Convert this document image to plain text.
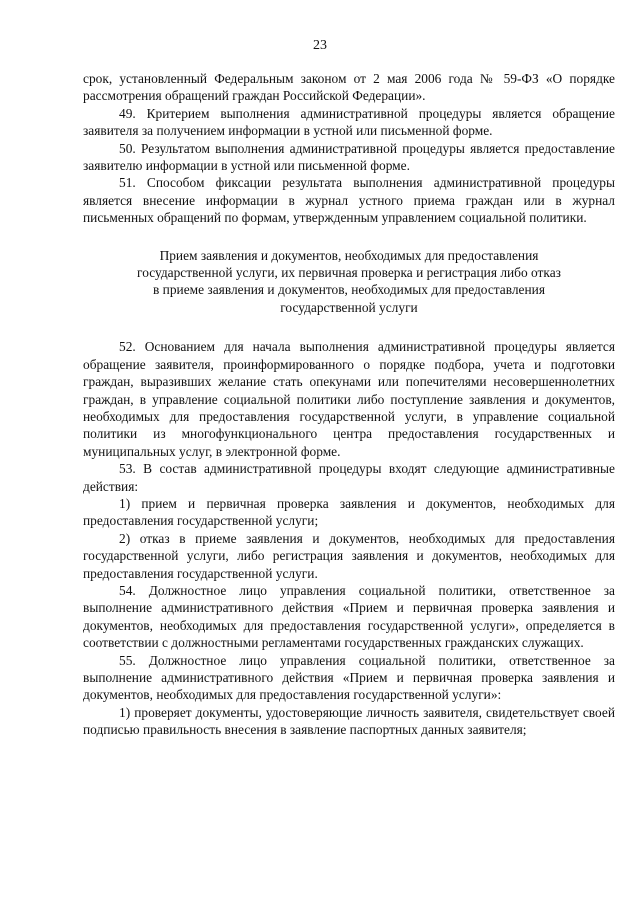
23

срок, установленный Федеральным законом от 2 мая 2006 года № 59-ФЗ «О порядке рассмотрения обращений граждан Российской Федерации».

49. Критерием выполнения административной процедуры является обращение заявителя за получением информации в устной или письменной форме.

50. Результатом выполнения административной процедуры является предоставление заявителю информации в устной или письменной форме.

51. Способом фиксации результата выполнения административной процедуры является внесение информации в журнал устного приема граждан или в журнал письменных обращений по формам, утвержденным управлением социальной политики.

Прием заявления и документов, необходимых для предоставления
государственной услуги, их первичная проверка и регистрация либо отказ
в приеме заявления и документов, необходимых для предоставления
государственной услуги

52. Основанием для начала выполнения административной процедуры является обращение заявителя, проинформированного о порядке подбора, учета и подготовки граждан, выразивших желание стать опекунами или попечителями несовершеннолетних граждан, в управление социальной политики либо поступление заявления и документов, необходимых для предоставления государственной услуги, в управление социальной политики из многофункционального центра предоставления государственных и муниципальных услуг, в электронной форме.

53. В состав административной процедуры входят следующие административные действия:

1) прием и первичная проверка заявления и документов, необходимых для предоставления государственной услуги;

2) отказ в приеме заявления и документов, необходимых для предоставления государственной услуги, либо регистрация заявления и документов, необходимых для предоставления государственной услуги.

54. Должностное лицо управления социальной политики, ответственное за выполнение административного действия «Прием и первичная проверка заявления и документов, необходимых для предоставления государственной услуги», определяется в соответствии с должностными регламентами государственных гражданских служащих.

55. Должностное лицо управления социальной политики, ответственное за выполнение административного действия «Прием и первичная проверка заявления и документов, необходимых для предоставления государственной услуги»:

1) проверяет документы, удостоверяющие личность заявителя, свидетельствует своей подписью правильность внесения в заявление паспортных данных заявителя;
